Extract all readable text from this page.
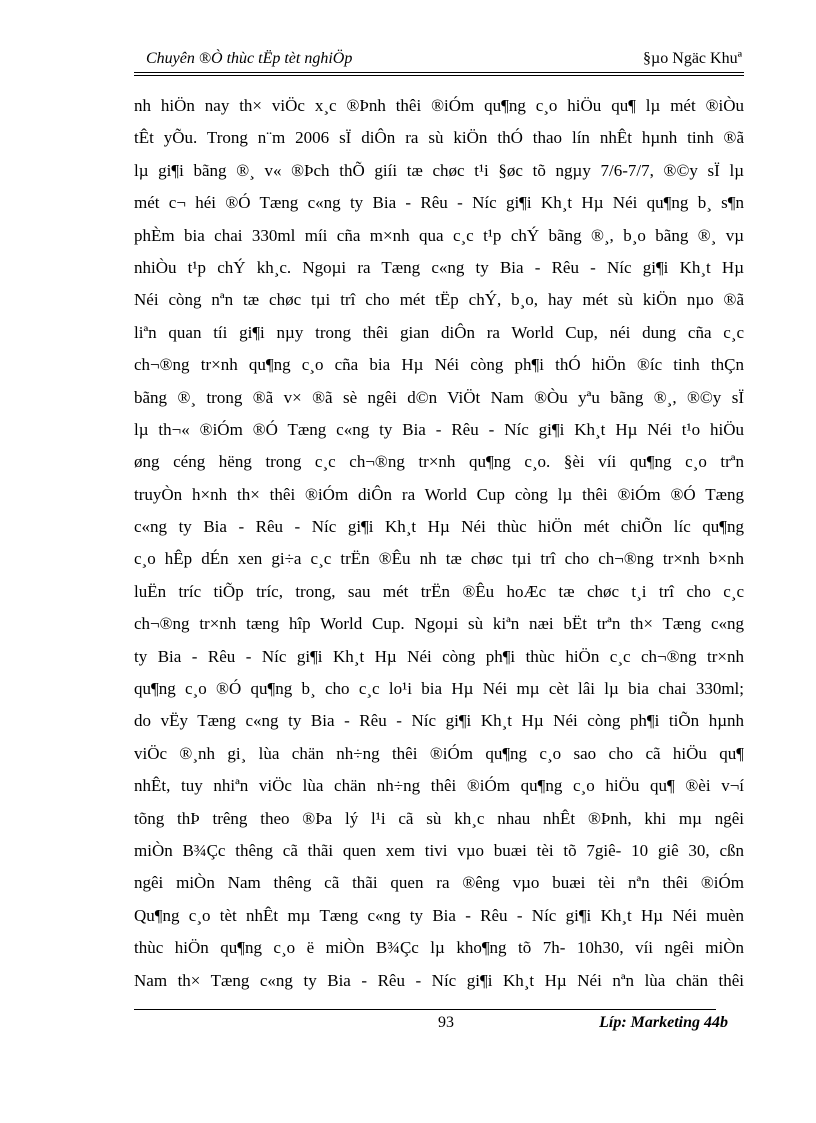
Chuyên ®Ò thùc tËp tèt nghiÖp	§µo Ngäc Khuª
nh hiÖn nay th× viÖc x¸c ®Þnh thêi ®iÓm qu¶ng c¸o hiÖu qu¶ lµ mét ®iÒu
tÊt yÕu. Trong n¨m 2006 sÏ diÔn ra sù kiÖn thÓ thao lín nhÊt hµnh tinh ®ã
lµ gi¶i bãng ®¸ v« ®Þch thÕ giíi tæ chøc t¹i §øc tõ ngµy 7/6-7/7, ®©y sÏ lµ
mét c¬ héi ®Ó Tæng c«ng ty Bia - Rêu - Níc gi¶i Kh¸t Hµ Néi qu¶ng b¸ s¶n
phÈm bia chai 330ml míi cña m×nh qua c¸c t¹p chÝ bãng ®¸, b¸o bãng ®¸ vµ
nhiÒu t¹p chÝ kh¸c. Ngoµi ra Tæng c«ng ty Bia - Rêu - Níc gi¶i Kh¸t Hµ
Néi còng nªn tæ chøc tµi trî cho mét tËp chÝ, b¸o, hay mét sù kiÖn nµo ®ã
liªn quan tíi gi¶i nµy trong thêi gian diÔn ra World Cup, néi dung cña c¸c
ch¬®ng tr×nh qu¶ng c¸o cña bia Hµ Néi còng ph¶i thÓ hiÖn ®íc tinh thÇn
bãng ®¸ trong ®ã v× ®ã sè ngêi d©n ViÖt Nam ®Òu yªu bãng ®¸, ®©y sÏ
lµ th¬« ®iÓm ®Ó Tæng c«ng ty Bia - Rêu - Níc gi¶i Kh¸t Hµ Néi t¹o hiÖu
øng céng hëng trong c¸c ch¬®ng tr×nh qu¶ng c¸o. §èi víi qu¶ng c¸o trªn
truyÒn h×nh th× thêi ®iÓm diÔn ra World Cup còng lµ thêi ®iÓm ®Ó Tæng
c«ng ty Bia - Rêu - Níc gi¶i Kh¸t Hµ Néi thùc hiÖn mét chiÕn líc qu¶ng
c¸o hÊp dÉn xen gi÷a c¸c trËn ®Êu nh tæ chøc tµi trî cho ch¬®ng tr×nh b×nh
luËn tríc tiÕp tríc, trong, sau mét trËn ®Êu hoÆc tæ chøc t¸i trî cho c¸c
ch¬®ng tr×nh tæng hîp World Cup. Ngoµi sù kiªn næi bËt trªn th× Tæng c«ng
ty Bia - Rêu - Níc gi¶i Kh¸t Hµ Néi còng ph¶i thùc hiÖn c¸c ch¬®ng tr×nh
qu¶ng c¸o ®Ó qu¶ng b¸ cho c¸c lo¹i bia Hµ Néi mµ cèt lâi lµ bia chai 330ml;
do vËy Tæng c«ng ty Bia - Rêu - Níc gi¶i Kh¸t Hµ Néi còng ph¶i tiÕn hµnh
viÖc ®¸nh gi¸ lùa chän nh÷ng thêi ®iÓm qu¶ng c¸o sao cho cã hiÖu qu¶
nhÊt, tuy nhiªn viÖc lùa chän nh÷ng thêi ®iÓm qu¶ng c¸o hiÖu qu¶ ®èi v¬í
tõng thÞ trêng theo ®Þa lý l¹i cã sù kh¸c nhau nhÊt ®Þnh, khi mµ ngêi
miÒn B¾Çc thêng cã thãi quen xem tivi vµo buæi tèi tõ 7giê- 10 giê 30, cßn
ngêi miÒn Nam thêng cã thãi quen ra ®êng vµo buæi tèi nªn thêi ®iÓm
Qu¶ng c¸o tèt nhÊt mµ Tæng c«ng ty Bia - Rêu - Níc gi¶i Kh¸t Hµ Néi muèn
thùc hiÖn qu¶ng c¸o ë miÒn B¾Çc lµ kho¶ng tõ 7h- 10h30, víi ngêi miÒn
Nam th× Tæng c«ng ty Bia - Rêu - Níc gi¶i Kh¸t Hµ Néi nªn lùa chän thêi
93	Líp: Marketing 44b
